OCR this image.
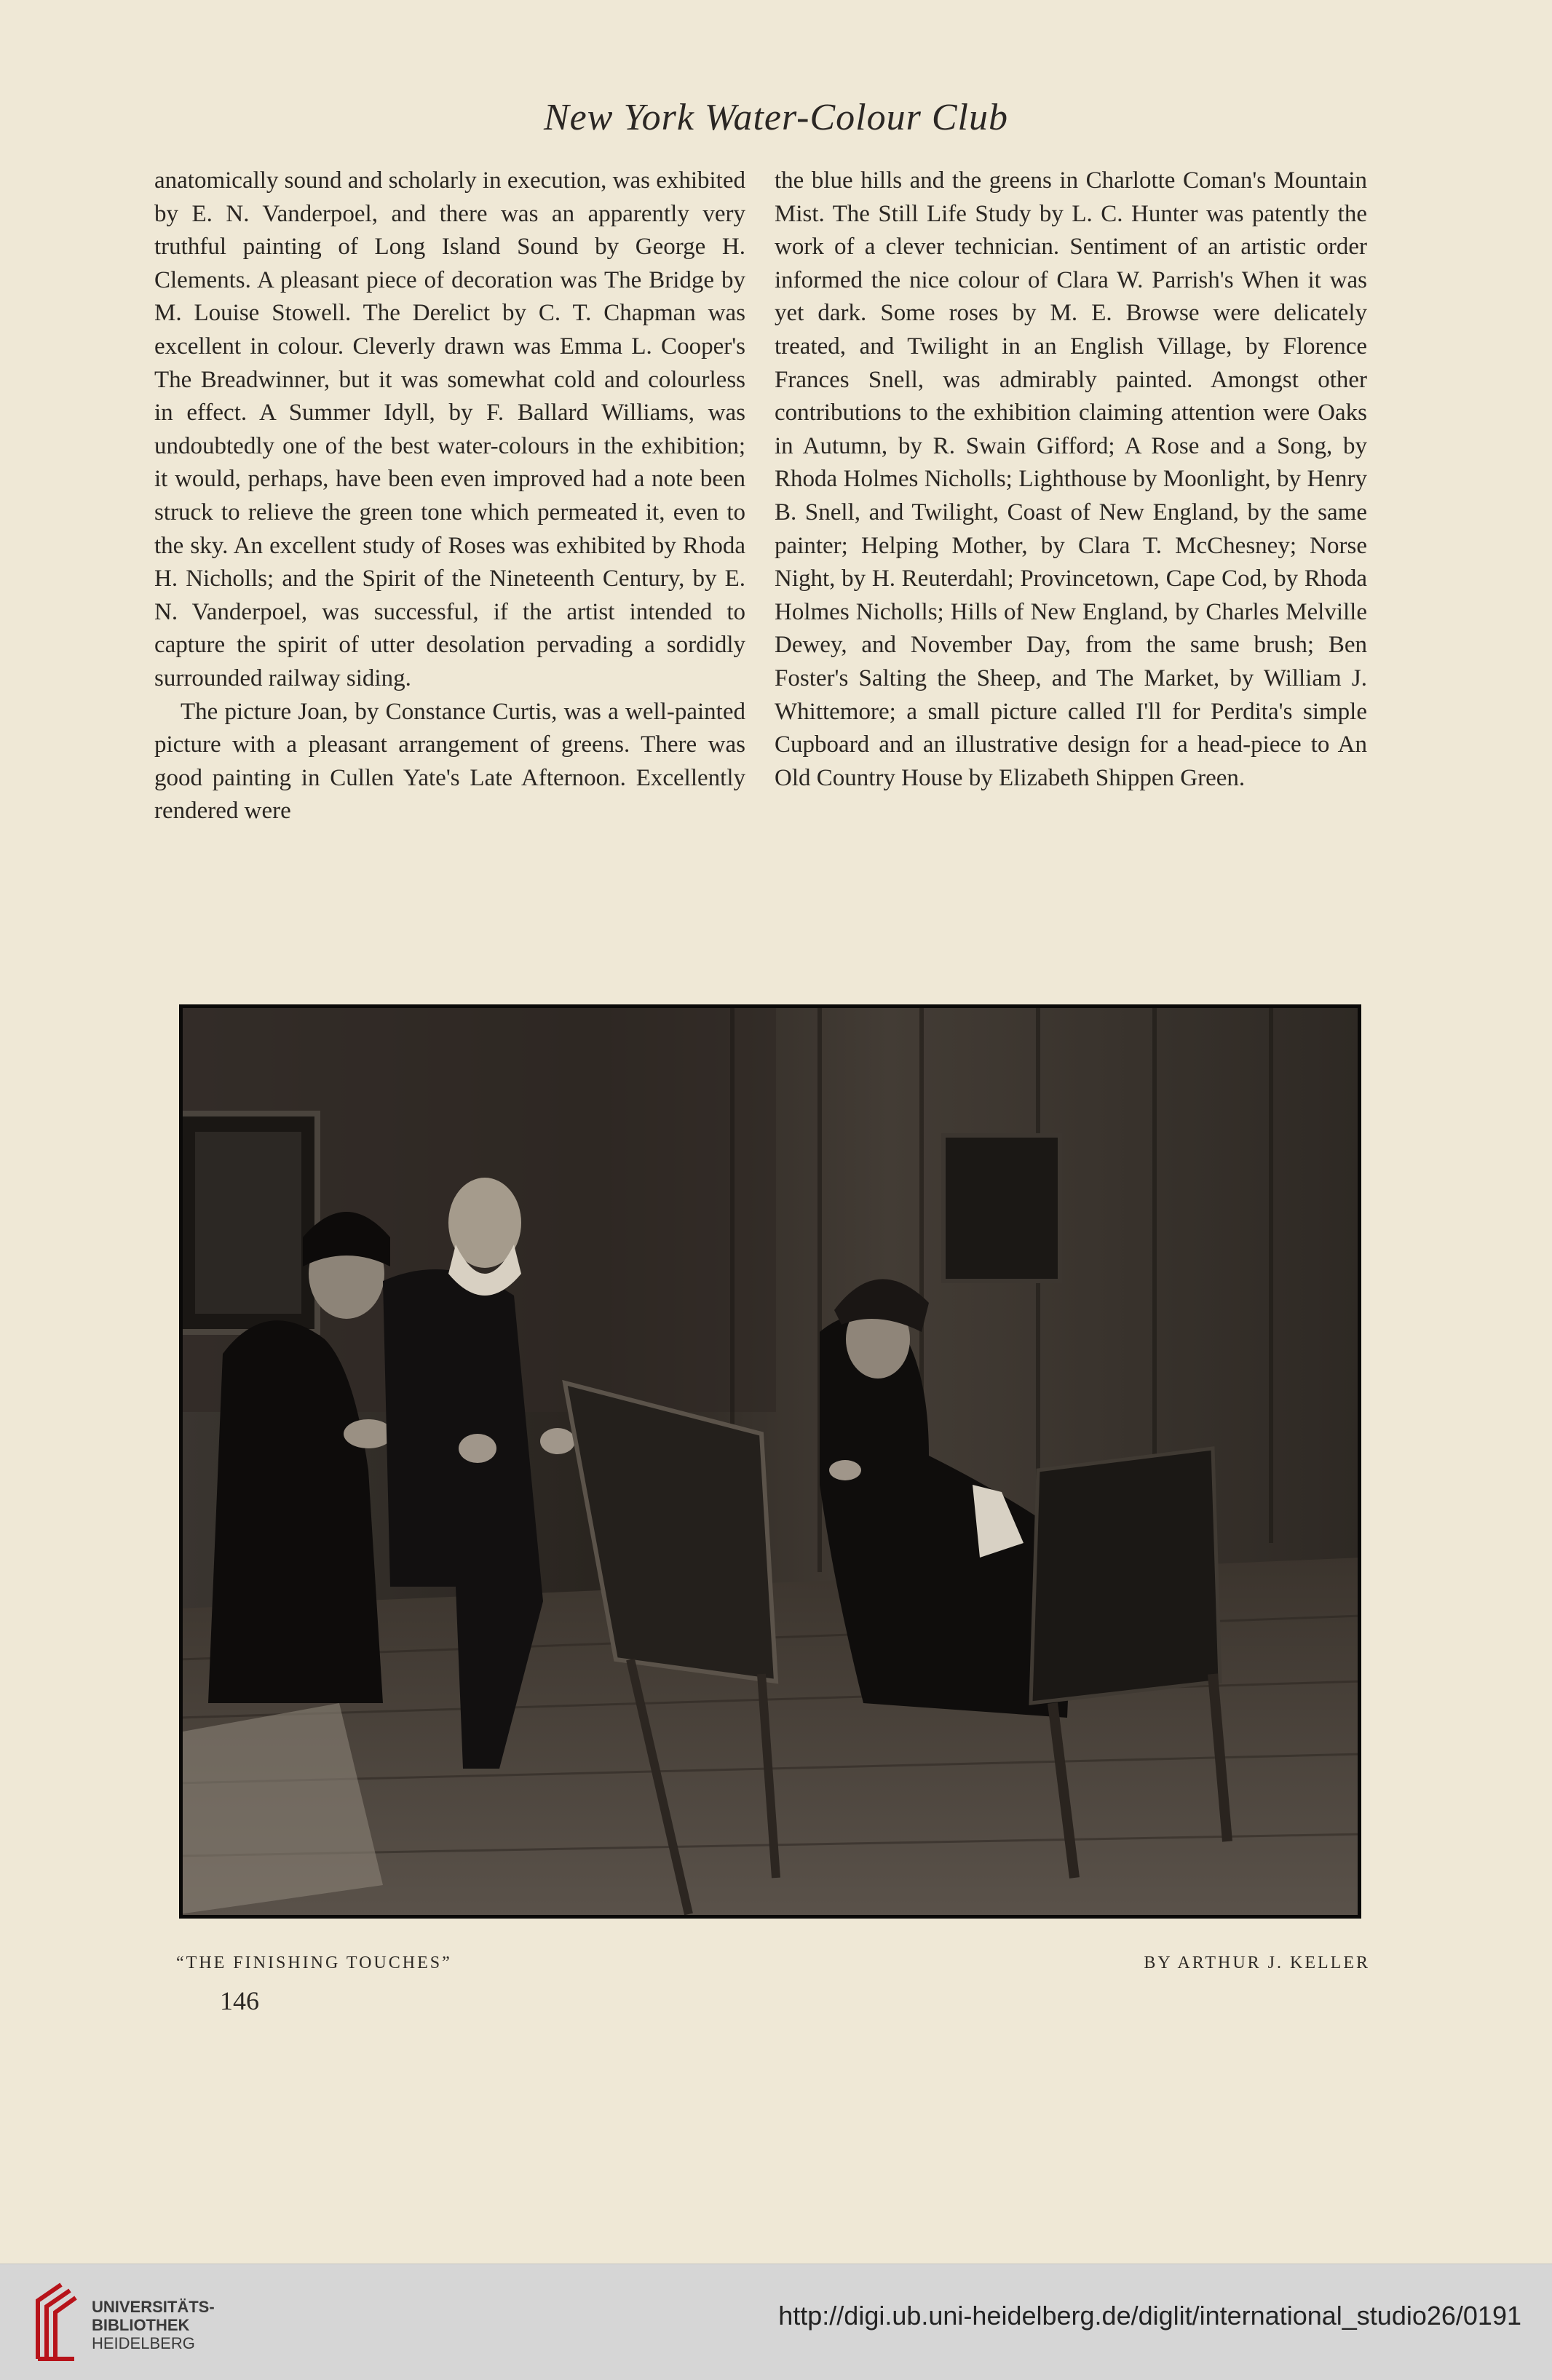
New York Water-Colour Club

anatomically sound and scholarly in execution, was exhibited by E. N. Vanderpoel, and there was an apparently very truthful painting of Long Island Sound by George H. Clements. A pleasant piece of decoration was The Bridge by M. Louise Stowell. The Derelict by C. T. Chapman was excellent in colour. Cleverly drawn was Emma L. Cooper's The Breadwinner, but it was somewhat cold and colourless in effect. A Summer Idyll, by F. Ballard Williams, was undoubtedly one of the best water-colours in the exhibition; it would, perhaps, have been even improved had a note been struck to relieve the green tone which permeated it, even to the sky. An excellent study of Roses was exhibited by Rhoda H. Nicholls; and the Spirit of the Nineteenth Century, by E. N. Vanderpoel, was successful, if the artist intended to capture the spirit of utter desolation pervading a sordidly surrounded railway siding.

The picture Joan, by Constance Curtis, was a well-painted picture with a pleasant arrangement of greens. There was good painting in Cullen Yate's Late Afternoon. Excellently rendered were

the blue hills and the greens in Charlotte Coman's Mountain Mist. The Still Life Study by L. C. Hunter was patently the work of a clever technician. Sentiment of an artistic order informed the nice colour of Clara W. Parrish's When it was yet dark. Some roses by M. E. Browse were delicately treated, and Twilight in an English Village, by Florence Frances Snell, was admirably painted. Amongst other contributions to the exhibition claiming attention were Oaks in Autumn, by R. Swain Gifford; A Rose and a Song, by Rhoda Holmes Nicholls; Lighthouse by Moonlight, by Henry B. Snell, and Twilight, Coast of New England, by the same painter; Helping Mother, by Clara T. McChesney; Norse Night, by H. Reuterdahl; Provincetown, Cape Cod, by Rhoda Holmes Nicholls; Hills of New England, by Charles Melville Dewey, and November Day, from the same brush; Ben Foster's Salting the Sheep, and The Market, by William J. Whittemore; a small picture called I'll for Perdita's simple Cupboard and an illustrative design for a head-piece to An Old Country House by Elizabeth Shippen Green.

“THE FINISHING TOUCHES”	BY ARTHUR J. KELLER
146
UNIVERSITÄTS-
BIBLIOTHEK
HEIDELBERG
http://digi.ub.uni-heidelberg.de/diglit/international_studio26/0191
